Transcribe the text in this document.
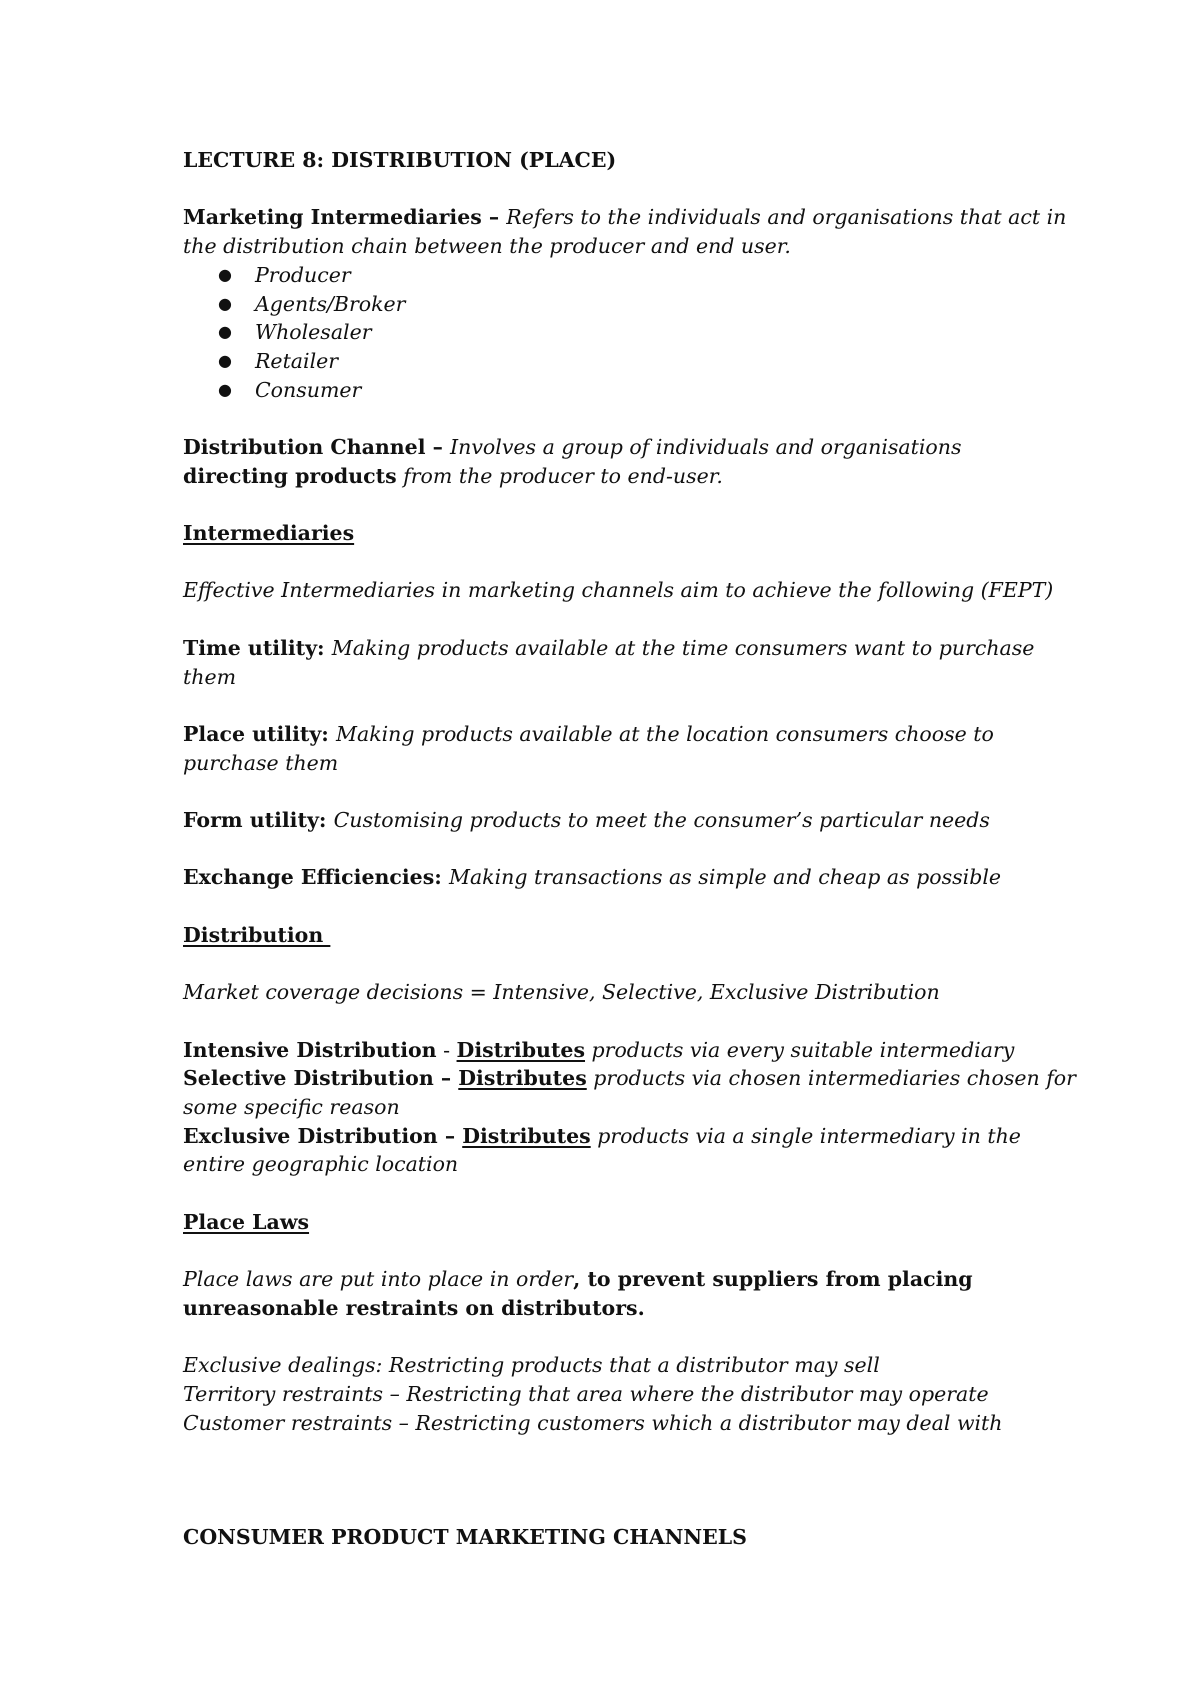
LECTURE 8: DISTRIBUTION (PLACE)

Marketing Intermediaries – Refers to the individuals and organisations that act in the distribution chain between the producer and end user.

● Producer
● Agents/Broker
● Wholesaler
● Retailer
● Consumer

Distribution Channel – Involves a group of individuals and organisations
directing products from the producer to end-user.

Intermediaries

Effective Intermediaries in marketing channels aim to achieve the following (FEPT)

Time utility: Making products available at the time consumers want to purchase them

Place utility: Making products available at the location consumers choose to purchase them

Form utility: Customising products to meet the consumer’s particular needs

Exchange Efficiencies: Making transactions as simple and cheap as possible

Distribution

Market coverage decisions = Intensive, Selective, Exclusive Distribution

Intensive Distribution - Distributes products via every suitable intermediary

Selective Distribution – Distributes products via chosen intermediaries chosen for some specific reason

Exclusive Distribution – Distributes products via a single intermediary in the entire geographic location

Place Laws

Place laws are put into place in order, to prevent suppliers from placing unreasonable restraints on distributors.

Exclusive dealings: Restricting products that a distributor may sell

Territory restraints – Restricting that area where the distributor may operate

Customer restraints – Restricting customers which a distributor may deal with

CONSUMER PRODUCT MARKETING CHANNELS
